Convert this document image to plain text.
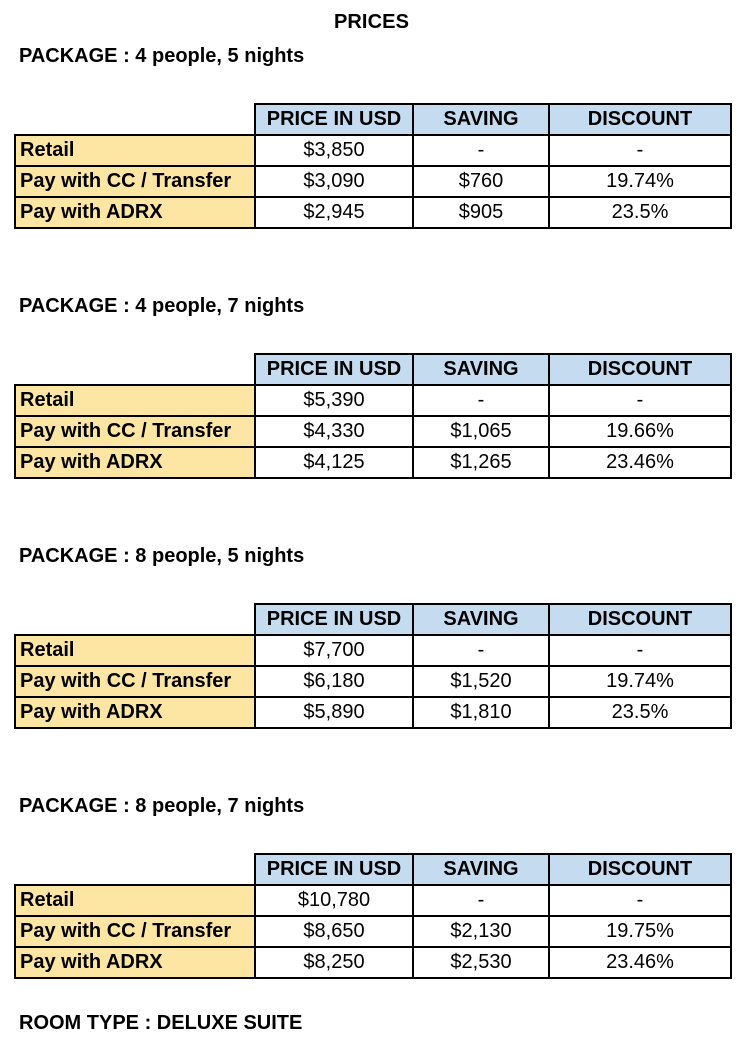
PRICES
PACKAGE : 4 people, 5 nights
	PRICE IN USD	SAVING	DISCOUNT
Retail	$3,850	-	-
Pay with CC / Transfer	$3,090	$760	19.74%
Pay with ADRX	$2,945	$905	23.5%
PACKAGE : 4 people, 7 nights
	PRICE IN USD	SAVING	DISCOUNT
Retail	$5,390	-	-
Pay with CC / Transfer	$4,330	$1,065	19.66%
Pay with ADRX	$4,125	$1,265	23.46%
PACKAGE : 8 people, 5 nights
	PRICE IN USD	SAVING	DISCOUNT
Retail	$7,700	-	-
Pay with CC / Transfer	$6,180	$1,520	19.74%
Pay with ADRX	$5,890	$1,810	23.5%
PACKAGE : 8 people, 7 nights
	PRICE IN USD	SAVING	DISCOUNT
Retail	$10,780	-	-
Pay with CC / Transfer	$8,650	$2,130	19.75%
Pay with ADRX	$8,250	$2,530	23.46%
ROOM TYPE : DELUXE SUITE
